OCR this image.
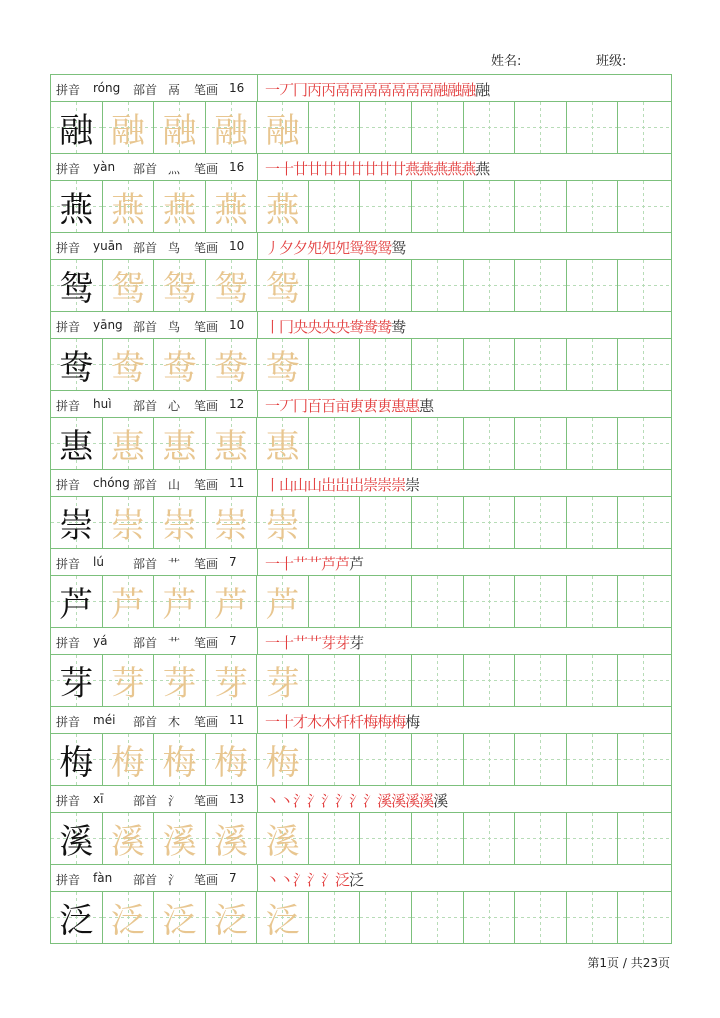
姓名:	班级:
拼音 róng 部首 鬲 笔画 16 一丆冂丙丙鬲鬲鬲鬲鬲鬲鬲融融融融
融 融 融 融 融
拼音 yàn 部首 灬 笔画 16 一十廿廿廿廿廿廿廿廿燕燕燕燕燕燕
燕 燕 燕 燕 燕
拼音 yuān 部首 鸟 笔画 10 丿夕夕夗夗夗鸳鸳鸳鸳
鸳 鸳 鸳 鸳 鸳
拼音 yāng 部首 鸟 笔画 10 丨冂央央央央鸯鸯鸯鸯
鸯 鸯 鸯 鸯 鸯
拼音 huì 部首 心 笔画 12 一丆冂百百亩叀叀叀惠惠惠
惠 惠 惠 惠 惠
拼音 chóng 部首 山 笔画 11 丨山山山岀岀岀崇崇崇崇
崇 崇 崇 崇 崇
拼音 lú 部首 艹 笔画 7 一十艹艹芦芦芦
芦 芦 芦 芦 芦
拼音 yá 部首 艹 笔画 7 一十艹艹芽芽芽
芽 芽 芽 芽 芽
拼音 méi 部首 木 笔画 11 一十才木木杄杄梅梅梅梅
梅 梅 梅 梅 梅
拼音 xī 部首 氵 笔画 13 丶丶氵氵氵氵氵氵溪溪溪溪溪
溪 溪 溪 溪 溪
拼音 fàn 部首 氵 笔画 7 丶丶氵氵氵泛泛
泛 泛 泛 泛 泛
第1页 / 共23页
